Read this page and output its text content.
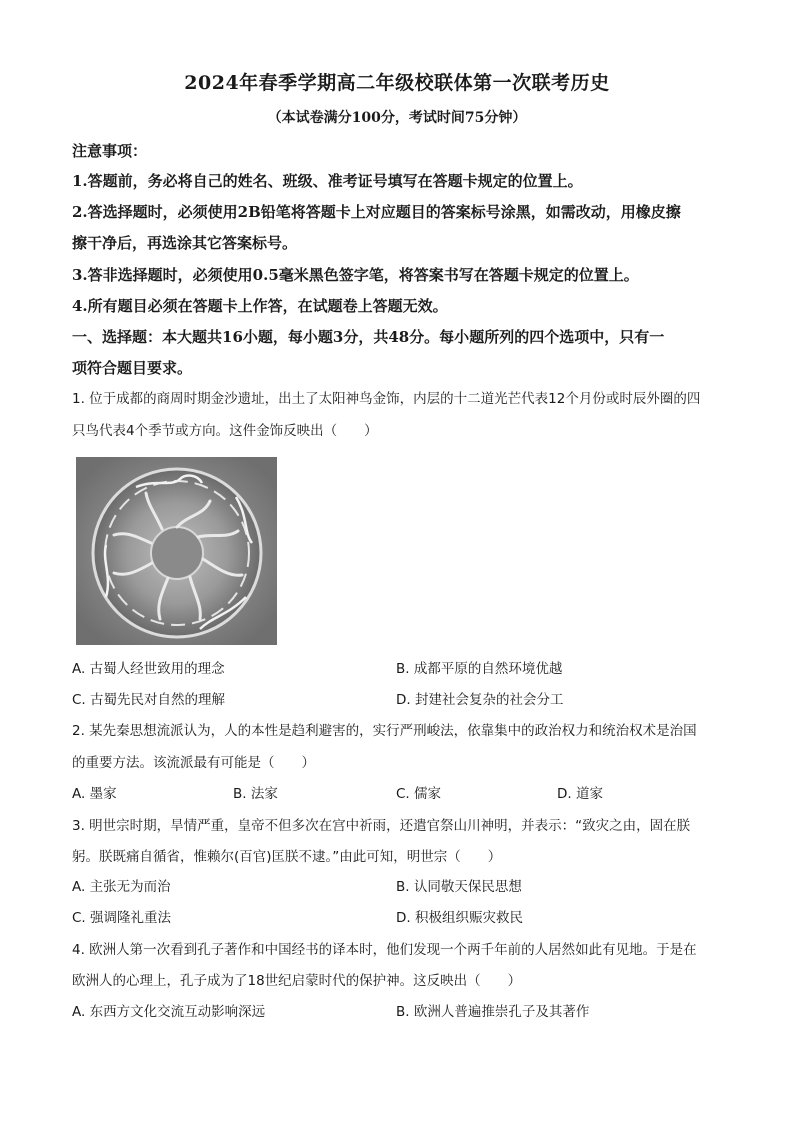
2024年春季学期高二年级校联体第一次联考历史
（本试卷满分100分，考试时间75分钟）
注意事项：
1.答题前，务必将自己的姓名、班级、准考证号填写在答题卡规定的位置上。
2.答选择题时，必须使用2B铅笔将答题卡上对应题目的答案标号涂黑，如需改动，用橡皮擦
擦干净后，再选涂其它答案标号。
3.答非选择题时，必须使用0.5毫米黑色签字笔，将答案书写在答题卡规定的位置上。
4.所有题目必须在答题卡上作答，在试题卷上答题无效。
一、选择题：本大题共16小题，每小题3分，共48分。每小题所列的四个选项中，只有一
项符合题目要求。
1. 位于成都的商周时期金沙遗址，出土了太阳神鸟金饰，内层的十二道光芒代表12个月份或时辰外圈的四
只鸟代表4个季节或方向。这件金饰反映出（　　）
A. 古蜀人经世致用的理念	B. 成都平原的自然环境优越
C. 古蜀先民对自然的理解	D. 封建社会复杂的社会分工
2. 某先秦思想流派认为，人的本性是趋利避害的，实行严刑峻法，依靠集中的政治权力和统治权术是治国
的重要方法。该流派最有可能是（　　）
A. 墨家	B. 法家	C. 儒家	D. 道家
3. 明世宗时期，旱情严重，皇帝不但多次在宫中祈雨，还遣官祭山川神明，并表示：“致灾之由，固在朕
躬。朕既痛自循省，惟赖尔(百官)匡朕不逮。”由此可知，明世宗（　　）
A. 主张无为而治	B. 认同敬天保民思想
C. 强调隆礼重法	D. 积极组织赈灾救民
4. 欧洲人第一次看到孔子著作和中国经书的译本时，他们发现一个两千年前的人居然如此有见地。于是在
欧洲人的心理上，孔子成为了18世纪启蒙时代的保护神。这反映出（　　）
A. 东西方文化交流互动影响深远	B. 欧洲人普遍推崇孔子及其著作
